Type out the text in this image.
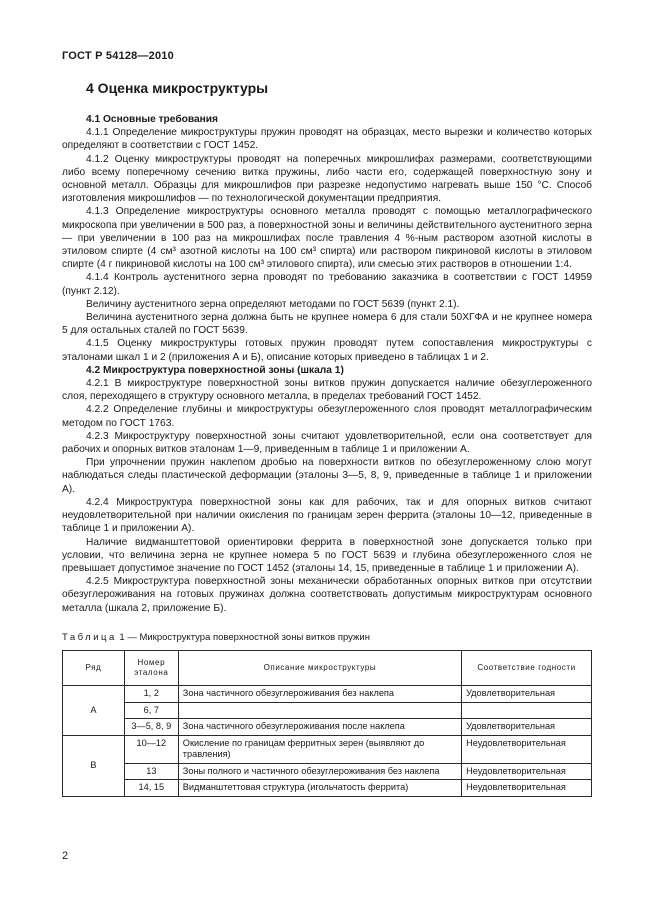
ГОСТ Р 54128—2010
4 Оценка микроструктуры

4.1 Основные требования

4.1.1 Определение микроструктуры пружин проводят на образцах, место вырезки и количество которых определяют в соответствии с ГОСТ 1452.

4.1.2 Оценку микроструктуры проводят на поперечных микрошлифах размерами, соответствующими либо всему поперечному сечению витка пружины, либо части его, содержащей поверхностную зону и основной металл. Образцы для микрошлифов при разрезке недопустимо нагревать выше 150 °С. Способ изготовления микрошлифов — по технологической документации предприятия.

4.1.3 Определение микроструктуры основного металла проводят с помощью металлографического микроскопа при увеличении в 500 раз, а поверхностной зоны и величины действительного аустенитного зерна — при увеличении в 100 раз на микрошлифах после травления 4 %-ным раствором азотной кислоты в этиловом спирте (4 см³ азотной кислоты на 100 см³ спирта) или раствором пикриновой кислоты в этиловом спирте (4 г пикриновой кислоты на 100 см³ этилового спирта), или смесью этих растворов в отношении 1:4.

4.1.4 Контроль аустенитного зерна проводят по требованию заказчика в соответствии с ГОСТ 14959 (пункт 2.12).

Величину аустенитного зерна определяют методами по ГОСТ 5639 (пункт 2.1).

Величина аустенитного зерна должна быть не крупнее номера 6 для стали 50ХГФА и не крупнее номера 5 для остальных сталей по ГОСТ 5639.

4.1.5 Оценку микроструктуры готовых пружин проводят путем сопоставления микроструктуры с эталонами шкал 1 и 2 (приложения А и Б), описание которых приведено в таблицах 1 и 2.

4.2 Микроструктура поверхностной зоны (шкала 1)

4.2.1 В микроструктуре поверхностной зоны витков пружин допускается наличие обезуглероженного слоя, переходящего в структуру основного металла, в пределах требований ГОСТ 1452.

4.2.2 Определение глубины и микроструктуры обезуглероженного слоя проводят металлографическим методом по ГОСТ 1763.

4.2.3 Микроструктуру поверхностной зоны считают удовлетворительной, если она соответствует для рабочих и опорных витков эталонам 1—9, приведенным в таблице 1 и приложении А.

При упрочнении пружин наклепом дробью на поверхности витков по обезуглероженному слою могут наблюдаться следы пластической деформации (эталоны 3—5, 8, 9, приведенные в таблице 1 и приложении А).

4.2.4 Микроструктура поверхностной зоны как для рабочих, так и для опорных витков считают неудовлетворительной при наличии окисления по границам зерен феррита (эталоны 10—12, приведенные в таблице 1 и приложении А).

Наличие видманштеттовой ориентировки феррита в поверхностной зоне допускается только при условии, что величина зерна не крупнее номера 5 по ГОСТ 5639 и глубина обезуглероженного слоя не превышает допустимое значение по ГОСТ 1452 (эталоны 14, 15, приведенные в таблице 1 и приложении А).

4.2.5 Микроструктура поверхностной зоны механически обработанных опорных витков при отсутствии обезуглероживания на готовых пружинах должна соответствовать допустимым микроструктурам основного металла (шкала 2, приложение Б).

Таблица 1 — Микроструктура поверхностной зоны витков пружин
Ряд	Номер эталона	Описание микроструктуры	Соответствие годности
А	1, 2	Зона частичного обезуглероживания без наклепа	Удовлетворительная
	6, 7		
	3—5, 8, 9	Зона частичного обезуглероживания после наклепа	Удовлетворительная
В	10—12	Окисление по границам ферритных зерен (выявляют до травления)	Неудовлетворительная
	13	Зоны полного и частичного обезуглероживания без наклепа	Неудовлетворительная
	14, 15	Видманштеттовая структура (игольчатость феррита)	Неудовлетворительная
2
